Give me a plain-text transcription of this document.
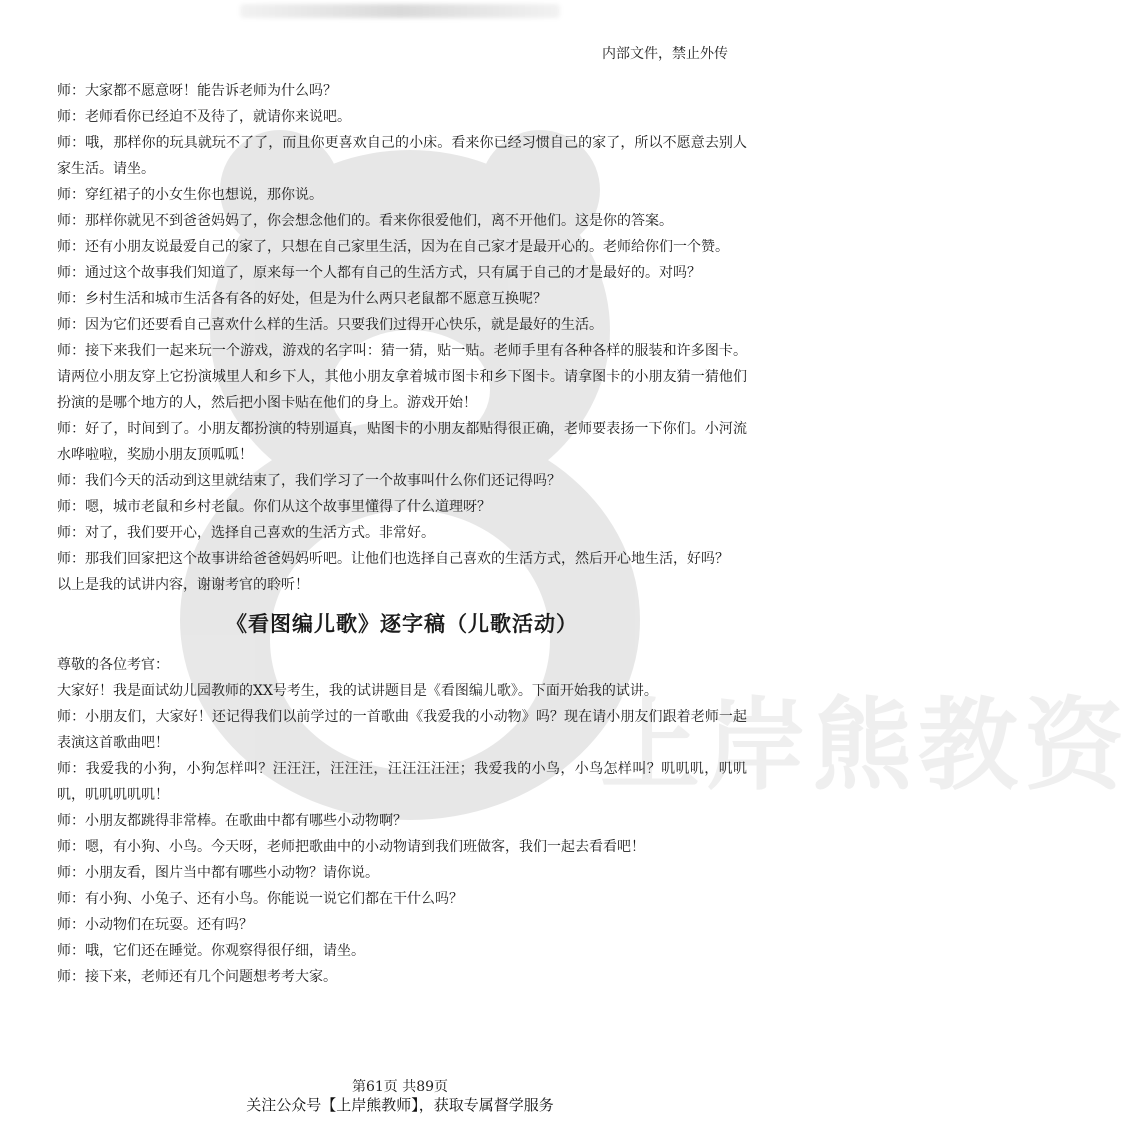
上岸熊教资
内部文件，禁止外传

师：大家都不愿意呀！能告诉老师为什么吗？

师：老师看你已经迫不及待了，就请你来说吧。

师：哦，那样你的玩具就玩不了了，而且你更喜欢自己的小床。看来你已经习惯自己的家了，所以不愿意去别人家生活。请坐。

师：穿红裙子的小女生你也想说，那你说。

师：那样你就见不到爸爸妈妈了，你会想念他们的。看来你很爱他们，离不开他们。这是你的答案。

师：还有小朋友说最爱自己的家了，只想在自己家里生活，因为在自己家才是最开心的。老师给你们一个赞。

师：通过这个故事我们知道了，原来每一个人都有自己的生活方式，只有属于自己的才是最好的。对吗？

师：乡村生活和城市生活各有各的好处，但是为什么两只老鼠都不愿意互换呢？

师：因为它们还要看自己喜欢什么样的生活。只要我们过得开心快乐，就是最好的生活。

师：接下来我们一起来玩一个游戏，游戏的名字叫：猜一猜，贴一贴。老师手里有各种各样的服装和许多图卡。请两位小朋友穿上它扮演城里人和乡下人，其他小朋友拿着城市图卡和乡下图卡。请拿图卡的小朋友猜一猜他们扮演的是哪个地方的人，然后把小图卡贴在他们的身上。游戏开始！

师：好了，时间到了。小朋友都扮演的特别逼真，贴图卡的小朋友都贴得很正确，老师要表扬一下你们。小河流水哗啦啦，奖励小朋友顶呱呱！

师：我们今天的活动到这里就结束了，我们学习了一个故事叫什么你们还记得吗？

师：嗯，城市老鼠和乡村老鼠。你们从这个故事里懂得了什么道理呀？

师：对了，我们要开心，选择自己喜欢的生活方式。非常好。

师：那我们回家把这个故事讲给爸爸妈妈听吧。让他们也选择自己喜欢的生活方式，然后开心地生活，好吗？

以上是我的试讲内容，谢谢考官的聆听！

《看图编儿歌》逐字稿（儿歌活动）

尊敬的各位考官：

大家好！我是面试幼儿园教师的XX号考生，我的试讲题目是《看图编儿歌》。下面开始我的试讲。

师：小朋友们，大家好！还记得我们以前学过的一首歌曲《我爱我的小动物》吗？现在请小朋友们跟着老师一起表演这首歌曲吧！

师：我爱我的小狗，小狗怎样叫？汪汪汪，汪汪汪，汪汪汪汪汪；我爱我的小鸟，小鸟怎样叫？叽叽叽，叽叽叽，叽叽叽叽叽！

师：小朋友都跳得非常棒。在歌曲中都有哪些小动物啊？

师：嗯，有小狗、小鸟。今天呀，老师把歌曲中的小动物请到我们班做客，我们一起去看看吧！

师：小朋友看，图片当中都有哪些小动物？请你说。

师：有小狗、小兔子、还有小鸟。你能说一说它们都在干什么吗？

师：小动物们在玩耍。还有吗？

师：哦，它们还在睡觉。你观察得很仔细，请坐。

师：接下来，老师还有几个问题想考考大家。

第61页 共89页
关注公众号【上岸熊教师】，获取专属督学服务
